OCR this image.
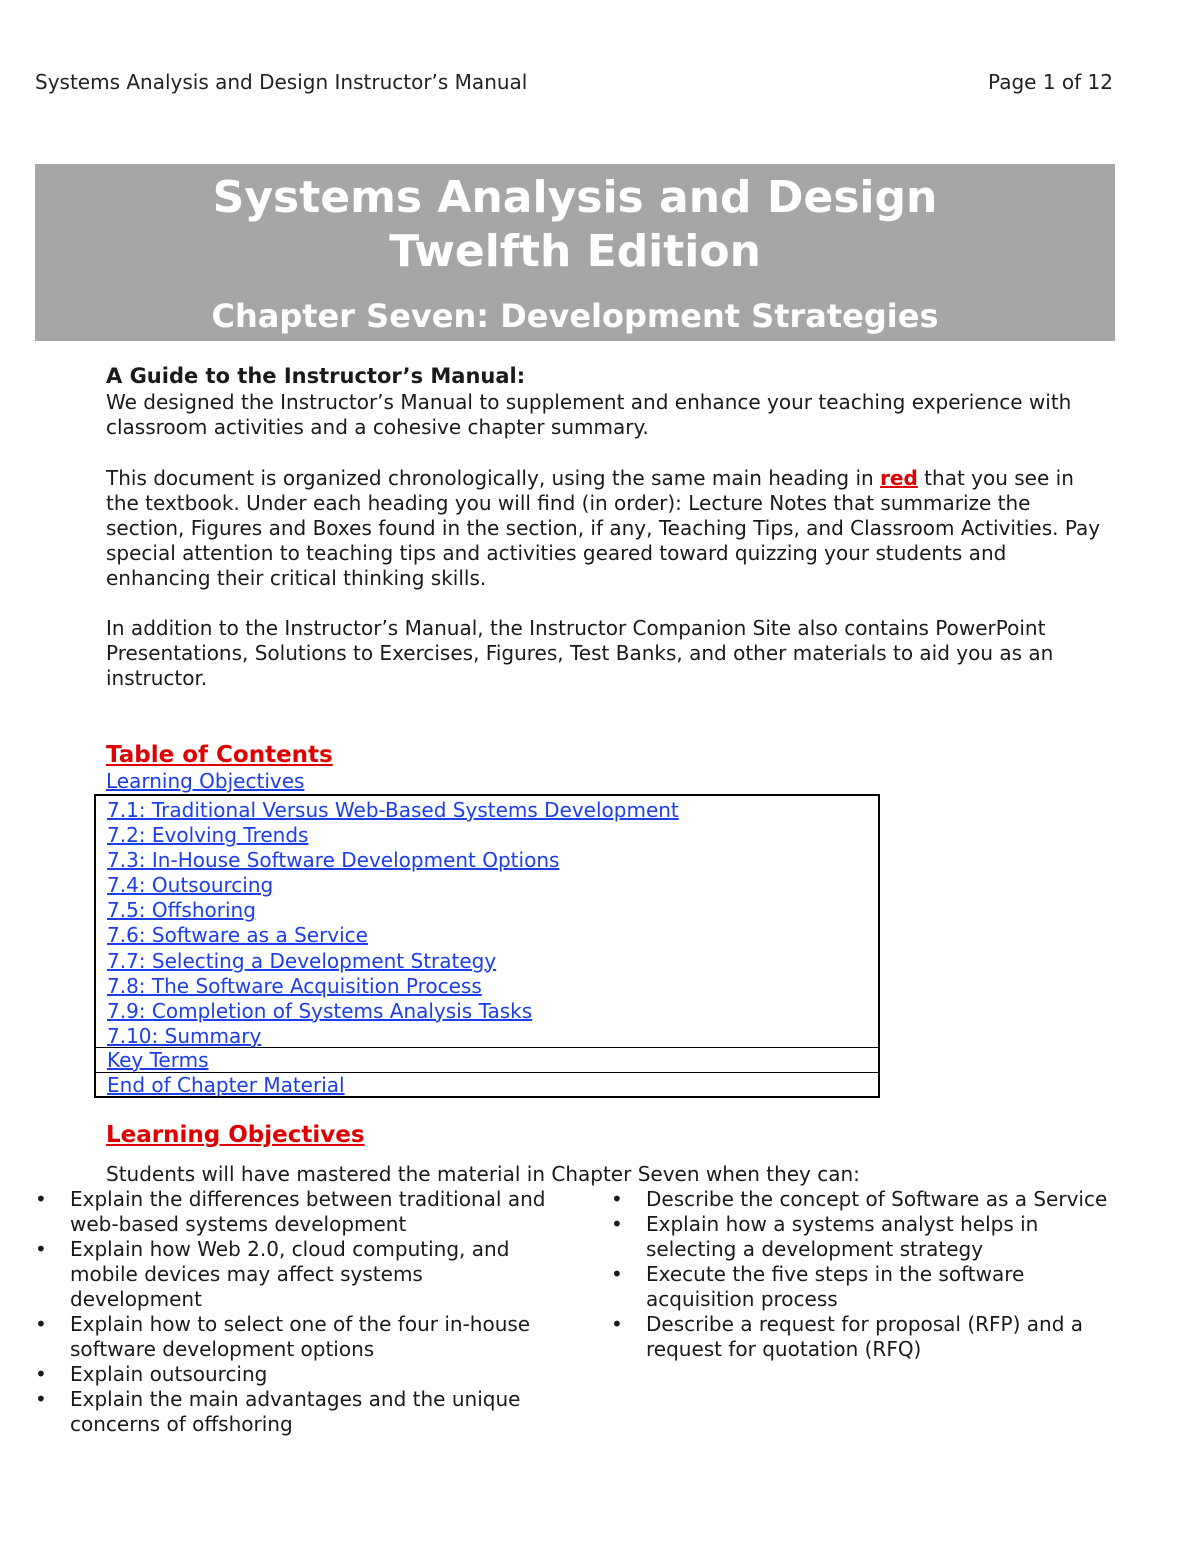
Systems Analysis and Design Instructor’s Manual	Page 1 of 12
Systems Analysis and Design
Twelfth Edition
Chapter Seven: Development Strategies
A Guide to the Instructor’s Manual:
We designed the Instructor’s Manual to supplement and enhance your teaching experience with classroom activities and a cohesive chapter summary.
This document is organized chronologically, using the same main heading in red that you see in the textbook. Under each heading you will find (in order): Lecture Notes that summarize the section, Figures and Boxes found in the section, if any, Teaching Tips, and Classroom Activities. Pay special attention to teaching tips and activities geared toward quizzing your students and enhancing their critical thinking skills.
In addition to the Instructor’s Manual, the Instructor Companion Site also contains PowerPoint Presentations, Solutions to Exercises, Figures, Test Banks, and other materials to aid you as an instructor.
Table of Contents
Learning Objectives
7.1: Traditional Versus Web-Based Systems Development
7.2: Evolving Trends
7.3: In-House Software Development Options
7.4: Outsourcing
7.5: Offshoring
7.6: Software as a Service
7.7: Selecting a Development Strategy
7.8: The Software Acquisition Process
7.9: Completion of Systems Analysis Tasks
7.10: Summary
Key Terms
End of Chapter Material
Learning Objectives
Students will have mastered the material in Chapter Seven when they can:
• Explain the differences between traditional and web-based systems development
• Explain how Web 2.0, cloud computing, and mobile devices may affect systems development
• Explain how to select one of the four in-house software development options
• Explain outsourcing
• Explain the main advantages and the unique concerns of offshoring
• Describe the concept of Software as a Service
• Explain how a systems analyst helps in selecting a development strategy
• Execute the five steps in the software acquisition process
• Describe a request for proposal (RFP) and a request for quotation (RFQ)
